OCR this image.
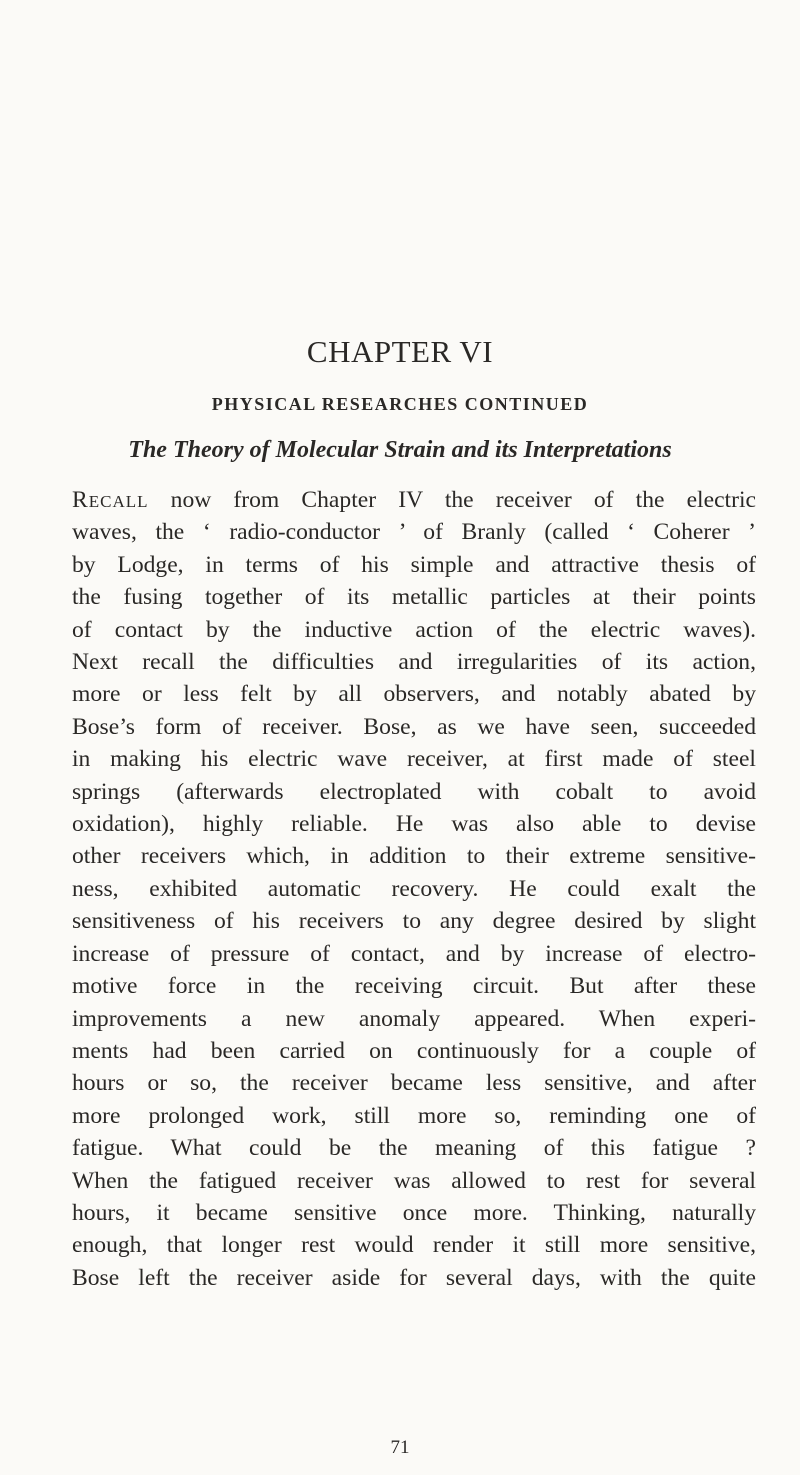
CHAPTER VI
PHYSICAL RESEARCHES CONTINUED
The Theory of Molecular Strain and its Interpretations
Recall now from Chapter IV the receiver of the electric
waves, the ‘ radio-conductor ’ of Branly (called ‘ Coherer ’
by Lodge, in terms of his simple and attractive thesis of
the fusing together of its metallic particles at their points
of contact by the inductive action of the electric waves).
Next recall the difficulties and irregularities of its action,
more or less felt by all observers, and notably abated by
Bose’s form of receiver. Bose, as we have seen, succeeded
in making his electric wave receiver, at first made of steel
springs (afterwards electroplated with cobalt to avoid
oxidation), highly reliable. He was also able to devise
other receivers which, in addition to their extreme sensitive-
ness, exhibited automatic recovery. He could exalt the
sensitiveness of his receivers to any degree desired by slight
increase of pressure of contact, and by increase of electro-
motive force in the receiving circuit. But after these
improvements a new anomaly appeared. When experi-
ments had been carried on continuously for a couple of
hours or so, the receiver became less sensitive, and after
more prolonged work, still more so, reminding one of
fatigue. What could be the meaning of this fatigue ?
When the fatigued receiver was allowed to rest for several
hours, it became sensitive once more. Thinking, naturally
enough, that longer rest would render it still more sensitive,
Bose left the receiver aside for several days, with the quite
71
